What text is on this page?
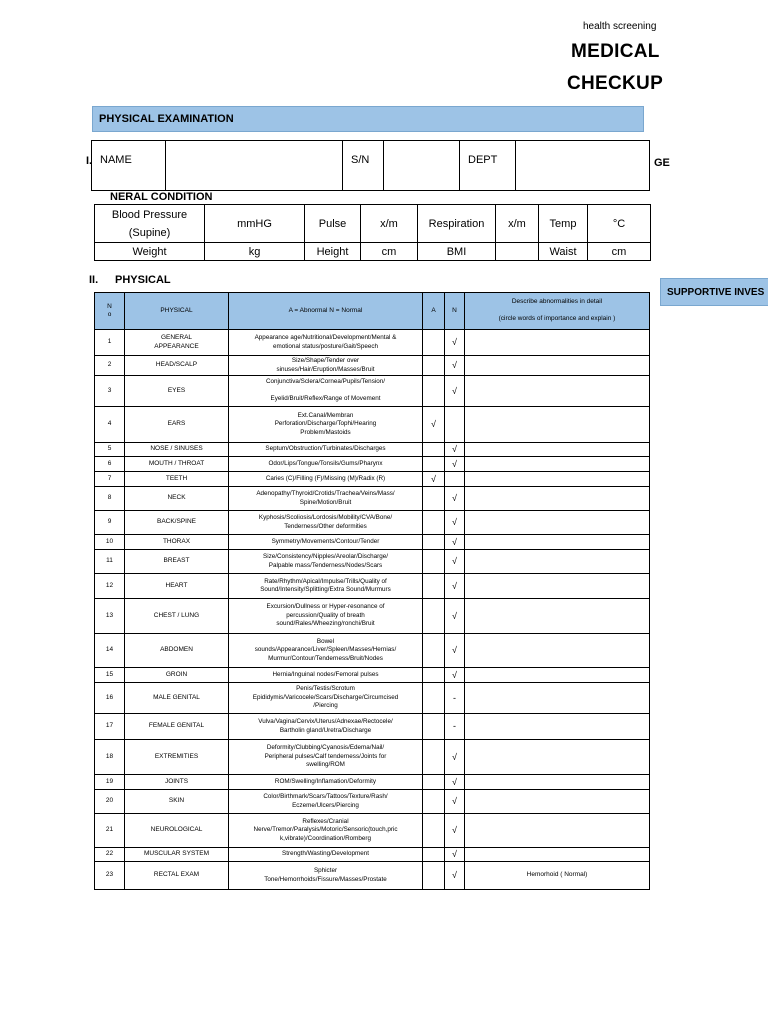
health screening
MEDICAL
CHECKUP
PHYSICAL EXAMINATION
SUPPORTIVE INVES
I.	GE
NAME		S/N		DEPT	
NERAL CONDITION
Blood Pressure
(Supine)	mmHG	Pulse	x/m	Respiration	x/m	Temp	°C
Weight	kg	Height	cm	BMI		Waist	cm
II. PHYSICAL
N
o	PHYSICAL	A = Abnormal N = Normal	A	N	Describe abnormalities in detail

(circle words of importance and explain )
1	GENERAL
APPEARANCE	Appearance age/Nutritional/Development/Mental &
emotional status/posture/Gait/Speech		√	
2	HEAD/SCALP	Size/Shape/Tender over
sinuses/Hair/Eruption/Masses/Bruit		√	
3	EYES	Conjunctiva/Sclera/Cornea/Pupils/Tension/

Eyelid/Bruit/Reflex/Range of Movement		√	
4	EARS	Ext.Canal/Membran
Perforation/Discharge/Tophi/Hearing
Problem/Mastoids	√		
5	NOSE / SINUSES	Septum/Obstruction/Turbinates/Discharges		√	
6	MOUTH / THROAT	Odor/Lips/Tongue/Tonsils/Gums/Pharynx		√	
7	TEETH	Caries (C)/Filling (F)/Missing (M)/Radix (R)	√		
8	NECK	Adenopathy/Thyroid/Crotids/Trachea/Veins/Mass/
Spine/Motion/Bruit		√	
9	BACK/SPINE	Kyphosis/Scoliosis/Lordosis/Mobility/CVA/Bone/
Tenderness/Other deformities		√	
10	THORAX	Symmetry/Movements/Contour/Tender		√	
11	BREAST	Size/Consistency/Nipples/Areolar/Discharge/
Palpable mass/Tenderness/Nodes/Scars		√	
12	HEART	Rate/Rhythm/Apical/Impulse/Trills/Quality of
Sound/Intensity/Splitting/Extra Sound/Murmurs		√	
13	CHEST / LUNG	Excursion/Dullness or Hyper-resonance of
percussion/Quality of breath
sound/Rales/Wheezing/ronchi/Bruit		√	
14	ABDOMEN	Bowel
sounds/Appearance/Liver/Spleen/Masses/Hernias/
Murmur/Contour/Tenderness/Bruit/Nodes		√	
15	GROIN	Hernia/Inguinal nodes/Femoral pulses		√	
16	MALE GENITAL	Penis/Testis/Scrotum
Epididymis/Varicocele/Scars/Discharge/Circumcised
/Piercing		-	
17	FEMALE GENITAL	Vulva/Vagina/Cervix/Uterus/Adnexae/Rectocele/
Bartholin gland/Uretra/Discharge		-	
18	EXTREMITIES	Deformity/Clubbing/Cyanosis/Edema/Nail/
Peripheral pulses/Calf tenderness/Joints for
swelling/ROM		√	
19	JOINTS	ROM/Swelling/Inflamation/Deformity		√	
20	SKIN	Color/Birthmark/Scars/Tattoos/Texture/Rash/
Eczeme/Ulcers/Piercing		√	
21	NEUROLOGICAL	Reflexes/Cranial
Nerve/Tremor/Paralysis/Motoric/Sensoric(touch,pric
k,vibrate)/Coordination/Romberg		√	
22	MUSCULAR SYSTEM	Strength/Wasting/Development		√	
23	RECTAL EXAM	Sphicter
Tone/Hemorrhoids/Fissure/Masses/Prostate		√	Hemorhoid ( Normal)
